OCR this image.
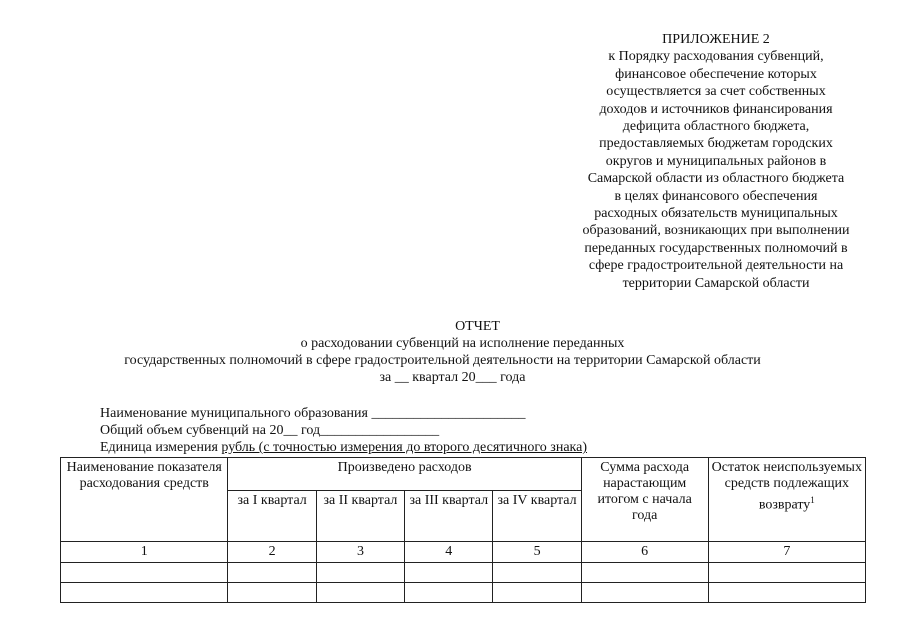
ПРИЛОЖЕНИЕ 2
к Порядку расходования субвенций,
финансовое обеспечение которых
осуществляется за счет собственных
доходов и источников финансирования
дефицита областного бюджета,
предоставляемых бюджетам городских
округов и муниципальных районов в
Самарской области из областного бюджета
в целях финансового обеспечения
расходных обязательств муниципальных
образований, возникающих при выполнении
переданных государственных полномочий в
сфере градостроительной деятельности на
территории Самарской области
ОТЧЕТ
о расходовании субвенций на исполнение переданных
государственных полномочий в сфере градостроительной деятельности на территории Самарской области
за __ квартал 20___ года
Наименование муниципального образования ______________________
Общий объем субвенций на 20__ год_________________
Единица измерения рубль (с точностью измерения до второго десятичного знака)
Наименование показателя расходования средств	Произведено расходов				Сумма расхода нарастающим итогом с начала года	Остаток неиспользуемых средств подлежащих возврату$^1$
	за I квартал	за II квартал	за III квартал	за IV квартал		
1	2	3	4	5	6	7
